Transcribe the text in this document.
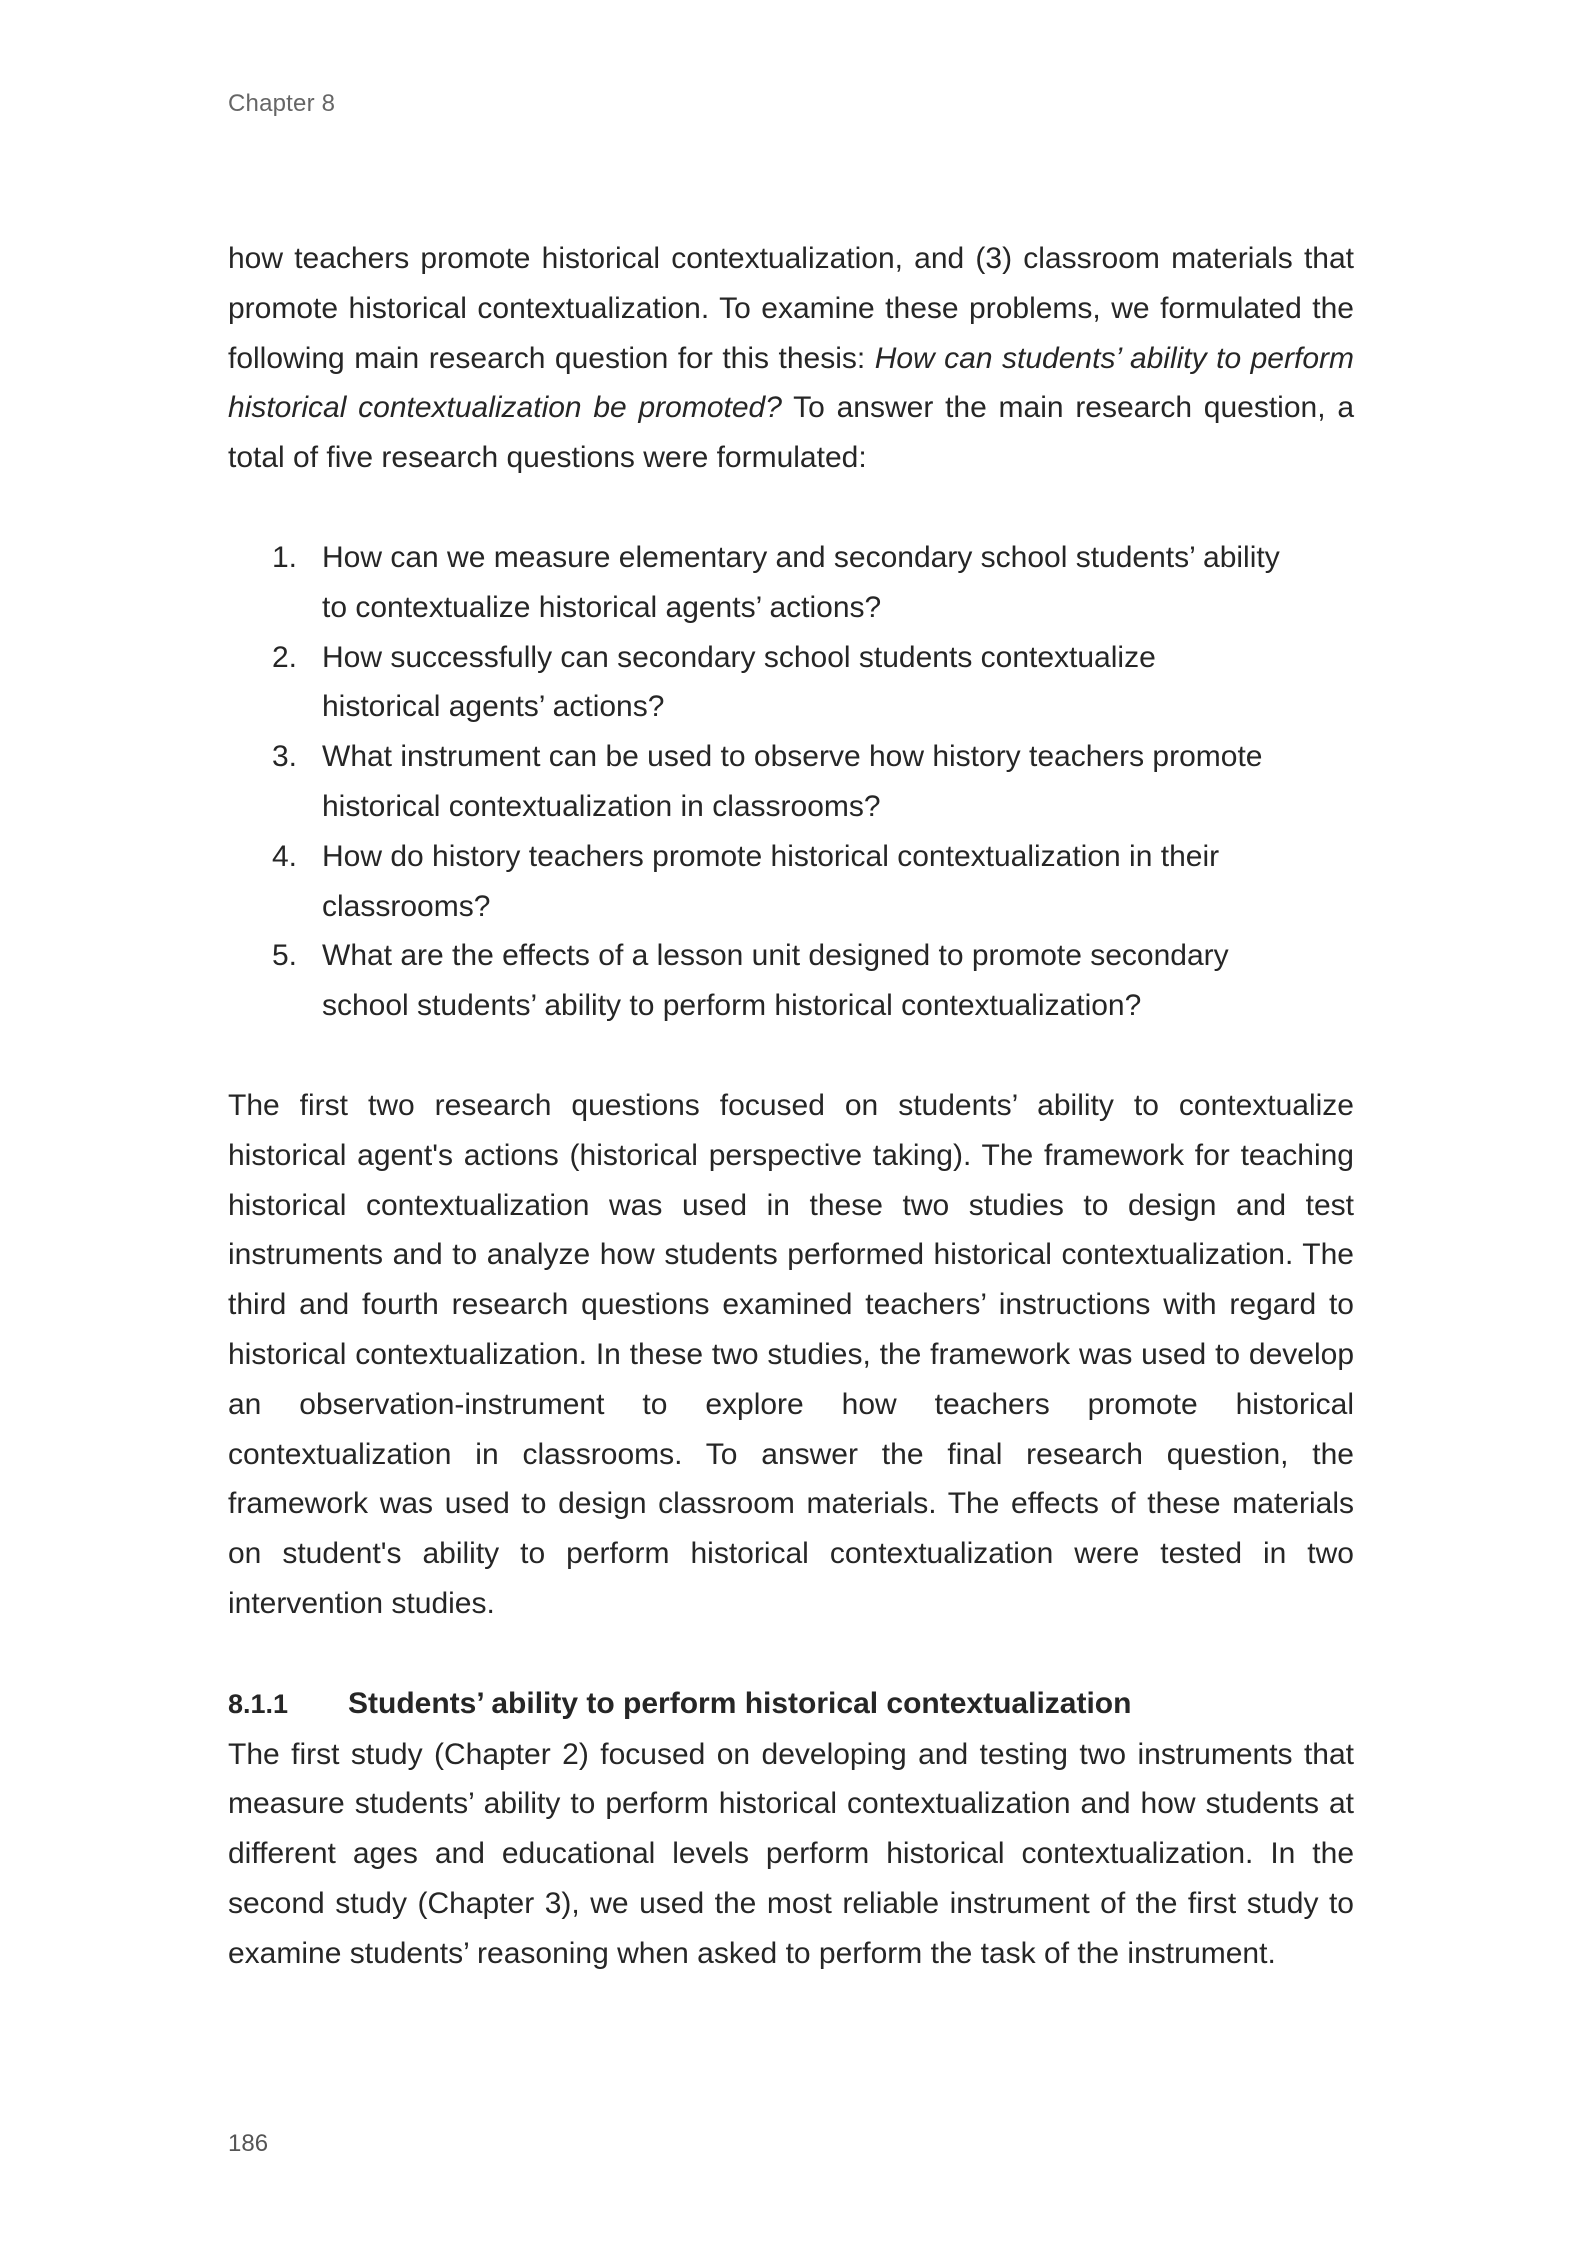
Chapter 8

how teachers promote historical contextualization, and (3) classroom materials that promote historical contextualization. To examine these problems, we formulated the following main research question for this thesis: How can students’ ability to perform historical contextualization be promoted? To answer the main research question, a total of five research questions were formulated:

1. How can we measure elementary and secondary school students’ ability to contextualize historical agents’ actions?
2. How successfully can secondary school students contextualize historical agents’ actions?
3. What instrument can be used to observe how history teachers promote historical contextualization in classrooms?
4. How do history teachers promote historical contextualization in their classrooms?
5. What are the effects of a lesson unit designed to promote secondary school students’ ability to perform historical contextualization?

The first two research questions focused on students’ ability to contextualize historical agent's actions (historical perspective taking). The framework for teaching historical contextualization was used in these two studies to design and test instruments and to analyze how students performed historical contextualization. The third and fourth research questions examined teachers’ instructions with regard to historical contextualization. In these two studies, the framework was used to develop an observation-instrument to explore how teachers promote historical contextualization in classrooms. To answer the final research question, the framework was used to design classroom materials. The effects of these materials on student's ability to perform historical contextualization were tested in two intervention studies.

8.1.1	Students’ ability to perform historical contextualization

The first study (Chapter 2) focused on developing and testing two instruments that measure students’ ability to perform historical contextualization and how students at different ages and educational levels perform historical contextualization. In the second study (Chapter 3), we used the most reliable instrument of the first study to examine students’ reasoning when asked to perform the task of the instrument.

186
